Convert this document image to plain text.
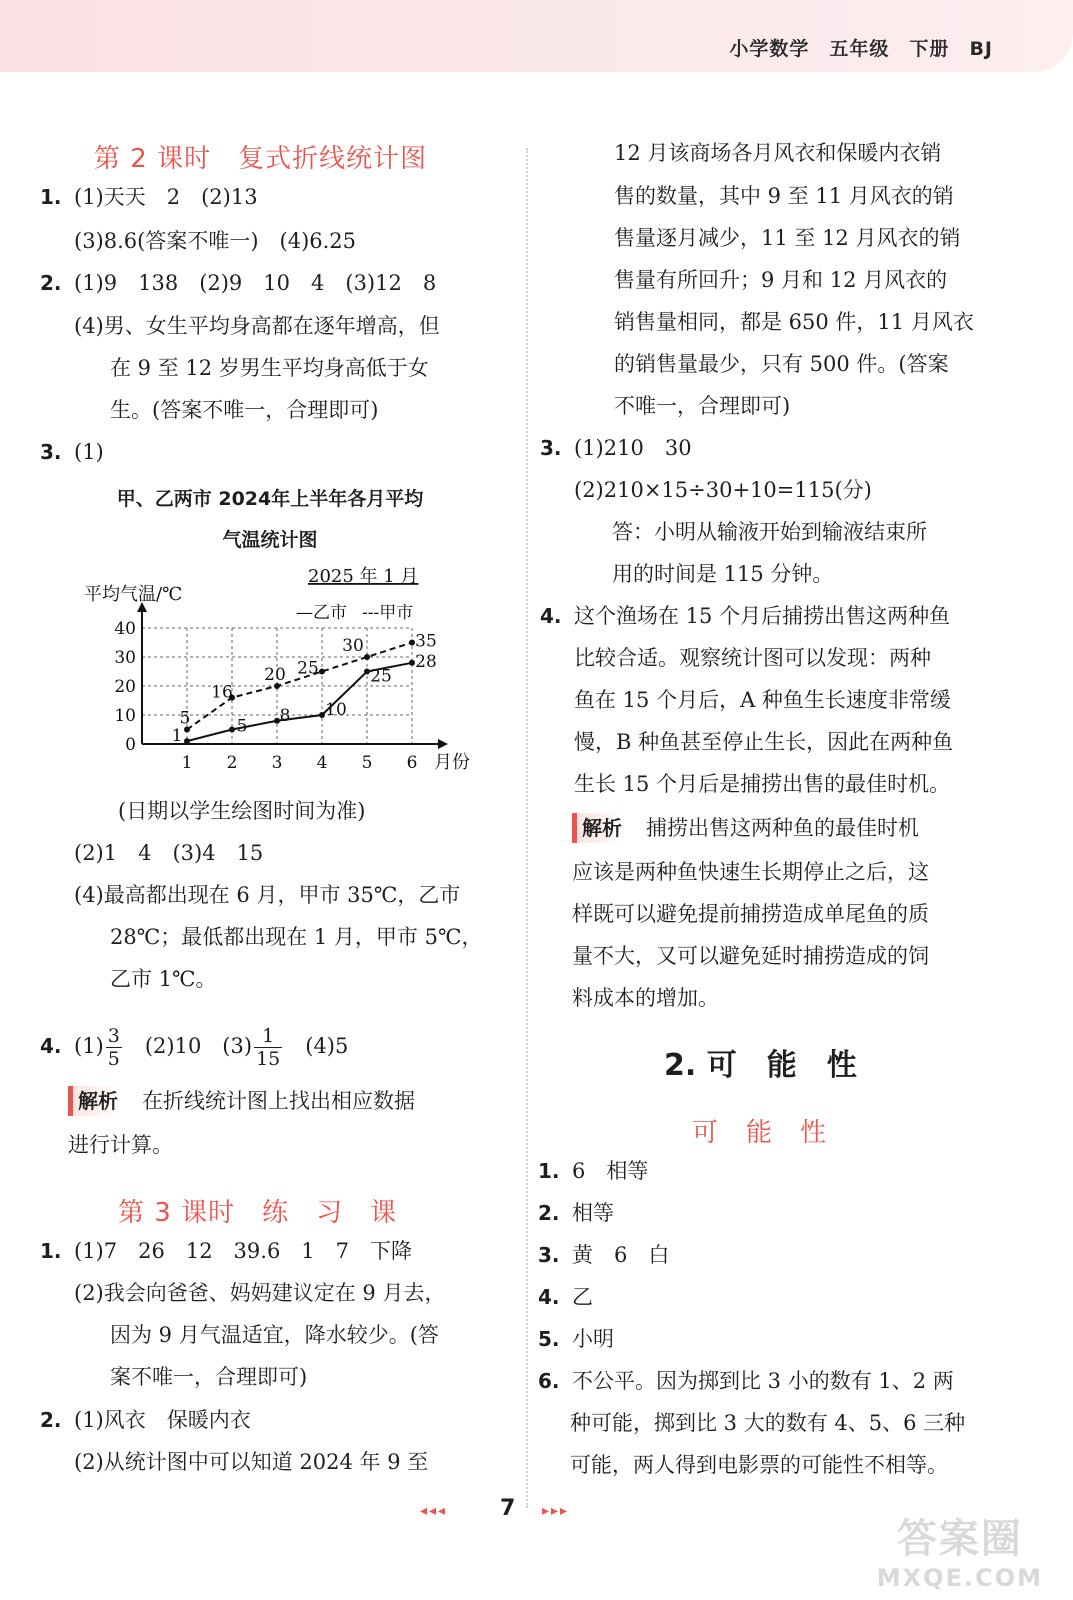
小学数学 五年级 下册 BJ
第 2 课时　复式折线统计图
1. (1)天天　2　(2)13
(3)8.6(答案不唯一)　(4)6.25
2. (1)9　138　(2)9　10　4　(3)12　8
(4)男、女生平均身高都在逐年增高，但
在 9 至 12 岁男生平均身高低于女
生。(答案不唯一，合理即可)
3. (1)
甲、乙两市 2024年上半年各月平均
气温统计图
0
10
20
30
40
1 2 3 4 5 6 月份
平均气温/℃
2025 年 1 月
—乙市 ---甲市
1	5
8 10
25
28
5
16
20 25
30	35
(日期以学生绘图时间为准)
(2)1　4　(3)4　15
(4)最高都出现在 6 月，甲市 35℃，乙市
28℃；最低都出现在 1 月，甲市 5℃，
乙市 1℃。
4. $(1) \frac{3}{5}$ 　(2)10　$(3) \frac{1}{15}$ 　(4)5
解析 在折线统计图上找出相应数据
进行计算。
第 3 课时　练　习　课
1. (1)7　26　12　39.6　1　7　下降
(2)我会向爸爸、妈妈建议定在 9 月去，
因为 9 月气温适宜，降水较少。(答
案不唯一，合理即可)
2. (1)风衣　保暖内衣
(2)从统计图中可以知道 2024 年 9 至
12 月该商场各月风衣和保暖内衣销
售的数量，其中 9 至 11 月风衣的销
售量逐月减少，11 至 12 月风衣的销
售量有所回升；9 月和 12 月风衣的
销售量相同，都是 650 件，11 月风衣
的销售量最少，只有 500 件。(答案
不唯一，合理即可)
3. (1)210　30
(2)210×15÷30+10=115(分)
答：小明从输液开始到输液结束所
用的时间是 115 分钟。
4. 这个渔场在 15 个月后捕捞出售这两种鱼
比较合适。观察统计图可以发现：两种
鱼在 15 个月后，A 种鱼生长速度非常缓
慢，B 种鱼甚至停止生长，因此在两种鱼
生长 15 个月后是捕捞出售的最佳时机。
解析 捕捞出售这两种鱼的最佳时机
应该是两种鱼快速生长期停止之后，这
样既可以避免提前捕捞造成单尾鱼的质
量不大，又可以避免延时捕捞造成的饲
料成本的增加。
2. 可　能　性
可　能　性
1. 6　相等
2. 相等
3. 黄　6　白
4. 乙
5. 小明
6. 不公平。因为掷到比 3 小的数有 1、2 两
种可能，掷到比 3 大的数有 4、5、6 三种
可能，两人得到电影票的可能性不相等。
◂◂◂ 7 ▸▸▸
答案圈
MXQE.COM
